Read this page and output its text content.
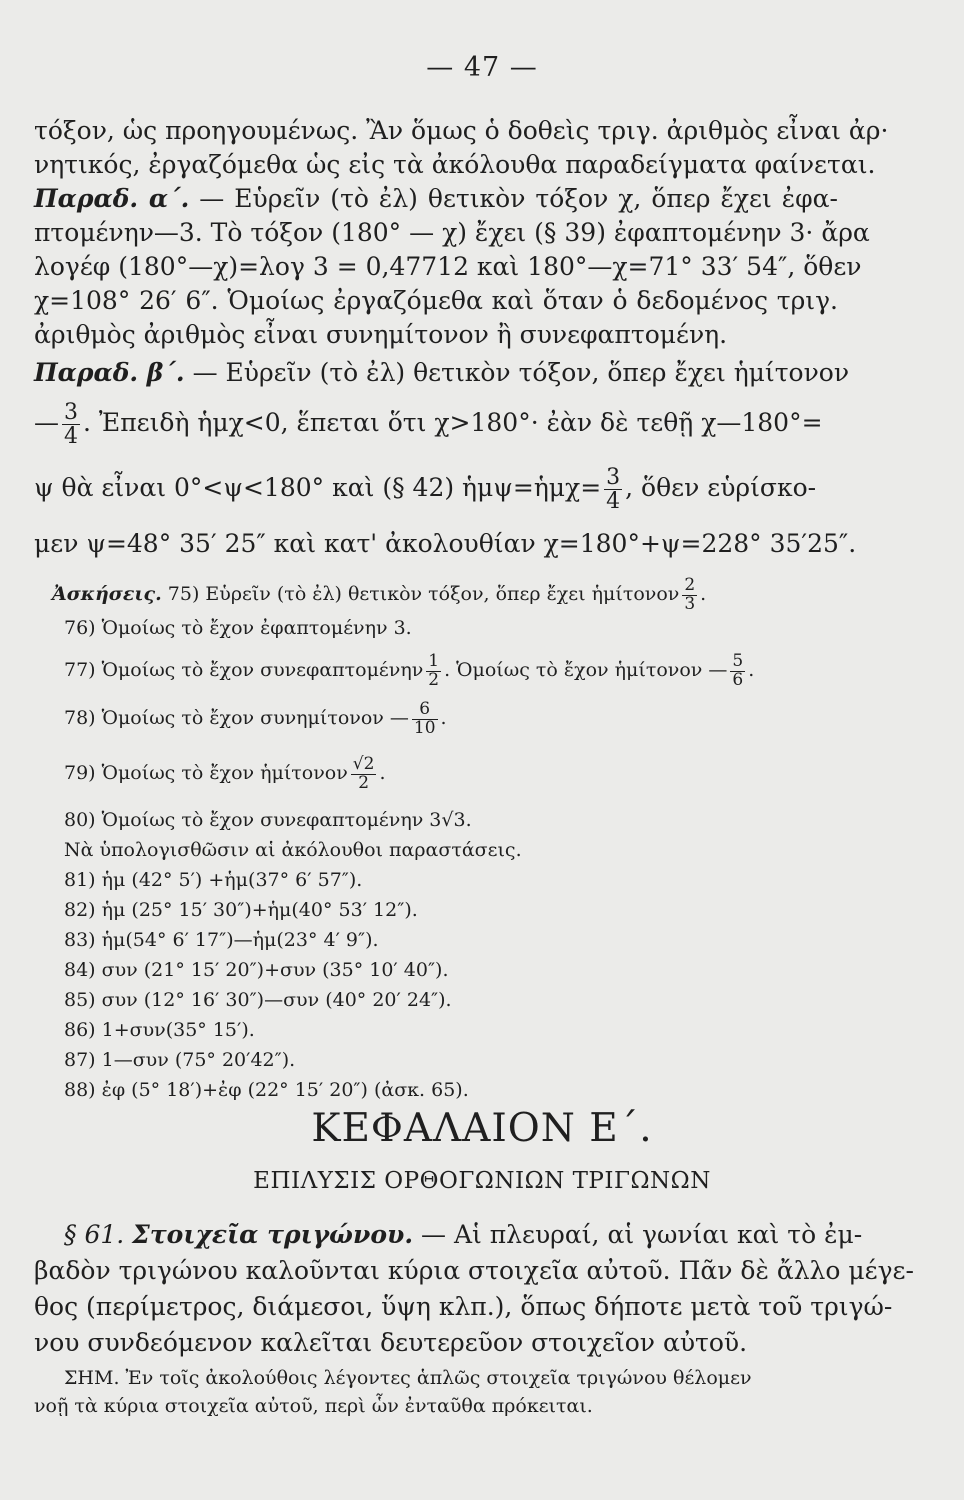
— 47 —
τόξον, ὡς προηγουμένως. Ἂν ὅμως ὁ δοθεὶς τριγ. ἀριθμὸς εἶναι ἀρ·
νητικός, ἐργαζόμεθα ὡς εἰς τὰ ἀκόλουθα παραδείγματα φαίνεται.
Παραδ. α΄. — Εὑρεῖν (τὸ ἐλ) θετικὸν τόξον χ, ὅπερ ἔχει ἐφα-
πτομένην—3. Τὸ τόξον (180° — χ) ἔχει (§ 39) ἐφαπτομένην 3· ἄρα
λογέφ (180°—χ)=λογ 3 = 0,47712 καὶ 180°—χ=71° 33′ 54″, ὅθεν
χ=108° 26′ 6″. Ὁμοίως ἐργαζόμεθα καὶ ὅταν ὁ δεδομένος τριγ.
ἀριθμὸς ἀριθμὸς εἶναι συνημίτονον ἢ συνεφαπτομένη.
Παραδ. β΄. — Εὑρεῖν (τὸ ἐλ) θετικὸν τόξον, ὅπερ ἔχει ἡμίτονον
— $\frac{3}{4}$ . Ἐπειδὴ ἡμχ<0, ἕπεται ὅτι χ>180°· ἐὰν δὲ τεθῇ χ—180°=
ψ θὰ εἶναι 0°<ψ<180° καὶ (§ 42) ἡμψ=ἡμχ= $\frac{3}{4}$ , ὅθεν εὑρίσκο-
μεν ψ=48° 35′ 25″ καὶ κατ' ἀκολουθίαν χ=180°+ψ=228° 35′25″.
Ἀσκήσεις. 75) Εὑρεῖν (τὸ ἐλ) θετικὸν τόξον, ὅπερ ἔχει ἡμίτονον $\frac{2}{3}$ .
76) Ὁμοίως τὸ ἔχον ἐφαπτομένην 3.
77) Ὁμοίως τὸ ἔχον συνεφαπτομένην $\frac{1}{2}$ . Ὁμοίως τὸ ἔχον ἡμίτονον — $\frac{5}{6}$ .
78) Ὁμοίως τὸ ἔχον συνημίτονον — $\frac{6}{10}$ .
79) Ὁμοίως τὸ ἔχον ἡμίτονον $\frac{√2}{2}$ .
80) Ὁμοίως τὸ ἔχον συνεφαπτομένην 3√3.
Νὰ ὑπολογισθῶσιν αἱ ἀκόλουθοι παραστάσεις.
81) ἡμ (42° 5′) +ἡμ(37° 6′ 57″).
82) ἡμ (25° 15′ 30″)+ἡμ(40° 53′ 12″).
83) ἡμ(54° 6′ 17″)—ἡμ(23° 4′ 9″).
84) συν (21° 15′ 20″)+συν (35° 10′ 40″).
85) συν (12° 16′ 30″)—συν (40° 20′ 24″).
86) 1+συν(35° 15′).
87) 1—συν (75° 20′42″).
88) ἐφ (5° 18′)+ἐφ (22° 15′ 20″) (ἀσκ. 65).
ΚΕΦΑΛΑΙΟΝ Ε΄.
ΕΠΙΛΥΣΙΣ ΟΡΘΟΓΩΝΙΩΝ ΤΡΙΓΩΝΩΝ
§ 61. Στοιχεῖα τριγώνου. — Αἱ πλευραί, αἱ γωνίαι καὶ τὸ ἐμ-
βαδὸν τριγώνου καλοῦνται κύρια στοιχεῖα αὐτοῦ. Πᾶν δὲ ἄλλο μέγε-
θος (περίμετρος, διάμεσοι, ὕψη κλπ.), ὅπως δήποτε μετὰ τοῦ τριγώ-
νου συνδεόμενον καλεῖται δευτερεῦον στοιχεῖον αὐτοῦ.
ΣΗΜ. Ἐν τοῖς ἀκολούθοις λέγοντες ἁπλῶς στοιχεῖα τριγώνου θέλομεν
νοῇ τὰ κύρια στοιχεῖα αὐτοῦ, περὶ ὧν ἐνταῦθα πρόκειται.
